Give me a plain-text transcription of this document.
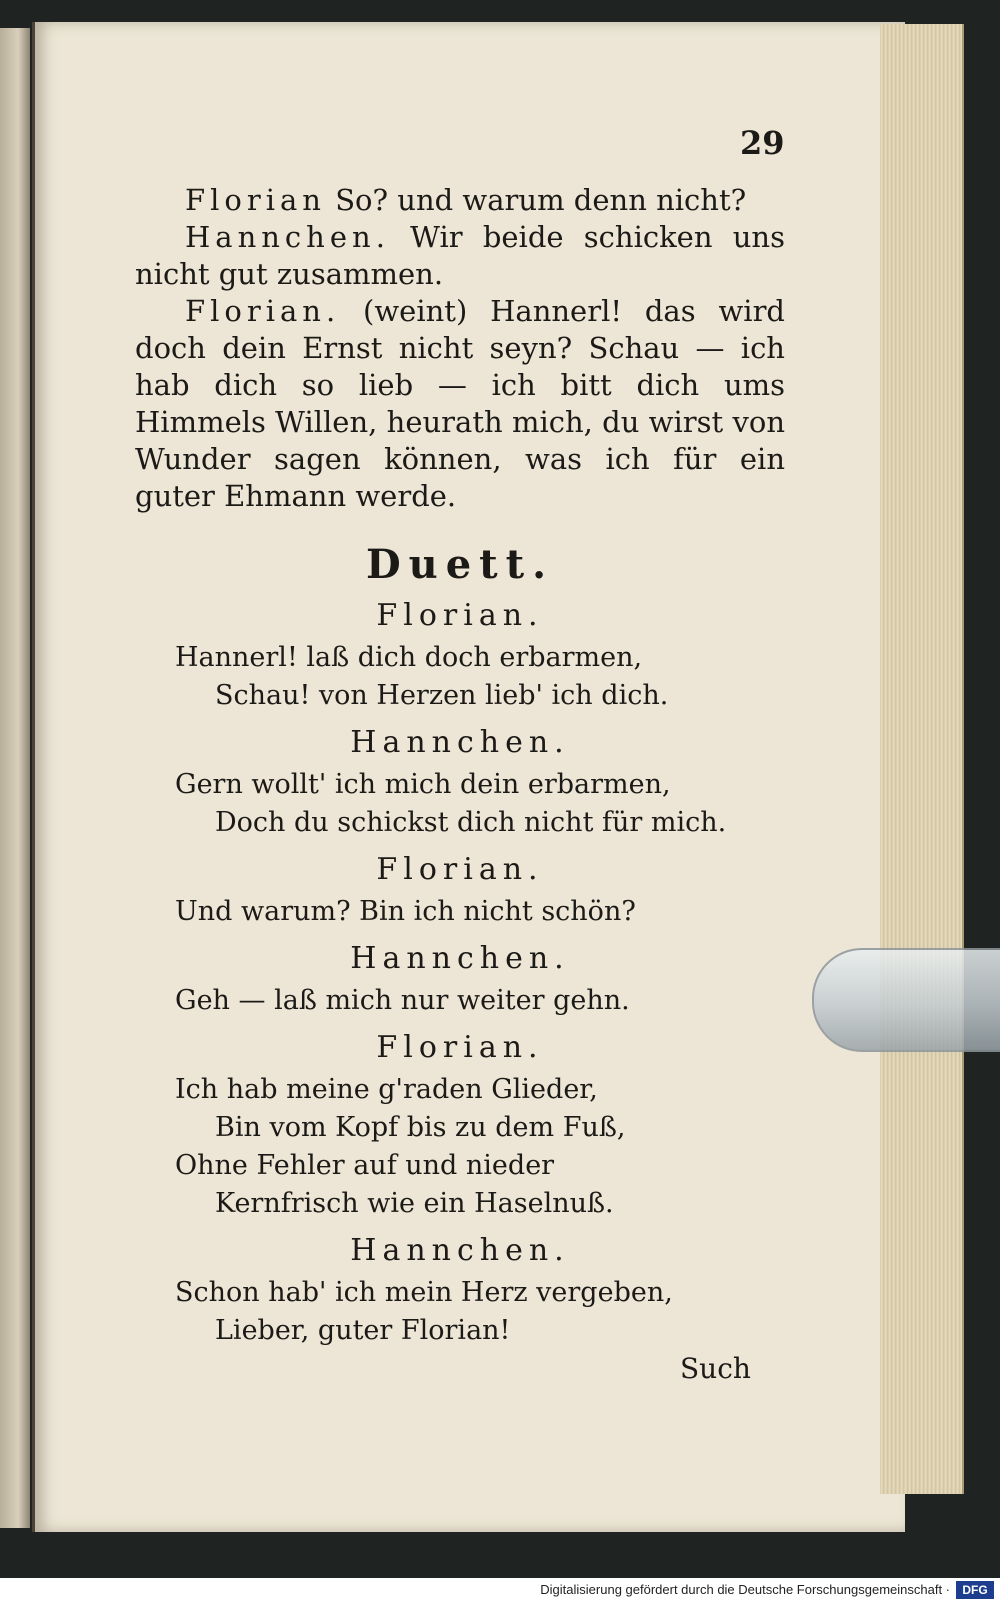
29

Florian So? und warum denn nicht?

Hannchen. Wir beide schicken uns nicht gut zusammen.

Florian. (weint) Hannerl! das wird doch dein Ernst nicht seyn? Schau — ich hab dich so lieb — ich bitt dich ums Himmels Willen, heurath mich, du wirst von Wunder sagen können, was ich für ein guter Ehmann werde.

Duett.
Florian.
Hannerl! laß dich doch erbarmen,
Schau! von Herzen lieb' ich dich.
Hannchen.
Gern wollt' ich mich dein erbarmen,
Doch du schickst dich nicht für mich.
Florian.
Und warum? Bin ich nicht schön?
Hannchen.
Geh — laß mich nur weiter gehn.
Florian.
Ich hab meine g'raden Glieder,
Bin vom Kopf bis zu dem Fuß,
Ohne Fehler auf und nieder
Kernfrisch wie ein Haselnuß.
Hannchen.
Schon hab' ich mein Herz vergeben,
Lieber, guter Florian!
Such
Digitalisierung gefördert durch die Deutsche Forschungsgemeinschaft ·	DFG
